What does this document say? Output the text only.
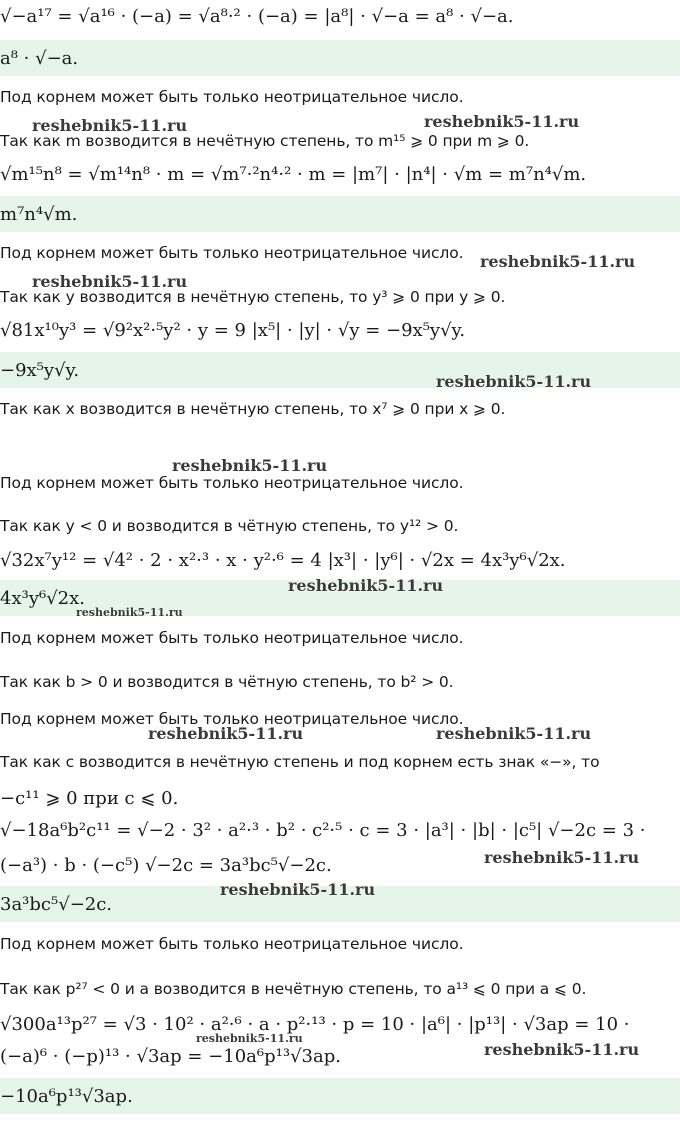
√−a¹⁷ = √a¹⁶ · (−a) = √a⁸·² · (−a) = |a⁸| · √−a = a⁸ · √−a.
a⁸ · √−a.
Под корнем может быть только неотрицательное число.
Так как m возводится в нечётную степень, то m¹⁵ ⩾ 0 при m ⩾ 0.
√m¹⁵n⁸ = √m¹⁴n⁸ · m = √m⁷·²n⁴·² · m = |m⁷| · |n⁴| · √m = m⁷n⁴√m.
m⁷n⁴√m.
Под корнем может быть только неотрицательное число.
Так как y возводится в нечётную степень, то y³ ⩾ 0 при y ⩾ 0.
√81x¹⁰y³ = √9²x²·⁵y² · y = 9 |x⁵| · |y| · √y = −9x⁵y√y.
−9x⁵y√y.
Так как x возводится в нечётную степень, то x⁷ ⩾ 0 при x ⩾ 0.
Под корнем может быть только неотрицательное число.
Так как y < 0 и возводится в чётную степень, то y¹² > 0.
√32x⁷y¹² = √4² · 2 · x²·³ · x · y²·⁶ = 4 |x³| · |y⁶| · √2x = 4x³y⁶√2x.
4x³y⁶√2x.
Под корнем может быть только неотрицательное число.
Так как b > 0 и возводится в чётную степень, то b² > 0.
Под корнем может быть только неотрицательное число.
Так как c возводится в нечётную степень и под корнем есть знак «−», то
−c¹¹ ⩾ 0 при c ⩽ 0.
√−18a⁶b²c¹¹ = √−2 · 3² · a²·³ · b² · c²·⁵ · c = 3 · |a³| · |b| · |c⁵| √−2c = 3 ·
(−a³) · b · (−c⁵) √−2c = 3a³bc⁵√−2c.
3a³bc⁵√−2c.
Под корнем может быть только неотрицательное число.
Так как p²⁷ < 0 и a возводится в нечётную степень, то a¹³ ⩽ 0 при a ⩽ 0.
√300a¹³p²⁷ = √3 · 10² · a²·⁶ · a · p²·¹³ · p = 10 · |a⁶| · |p¹³| · √3ap = 10 ·
(−a)⁶ · (−p)¹³ · √3ap = −10a⁶p¹³√3ap.
−10a⁶p¹³√3ap.
reshebnik5-11.ru	reshebnik5-11.ru
reshebnik5-11.ru
reshebnik5-11.ru
reshebnik5-11.ru
reshebnik5-11.ru
reshebnik5-11.ru
reshebnik5-11.ru
reshebnik5-11.ru	reshebnik5-11.ru
reshebnik5-11.ru
reshebnik5-11.ru
reshebnik5-11.ru
reshebnik5-11.ru
